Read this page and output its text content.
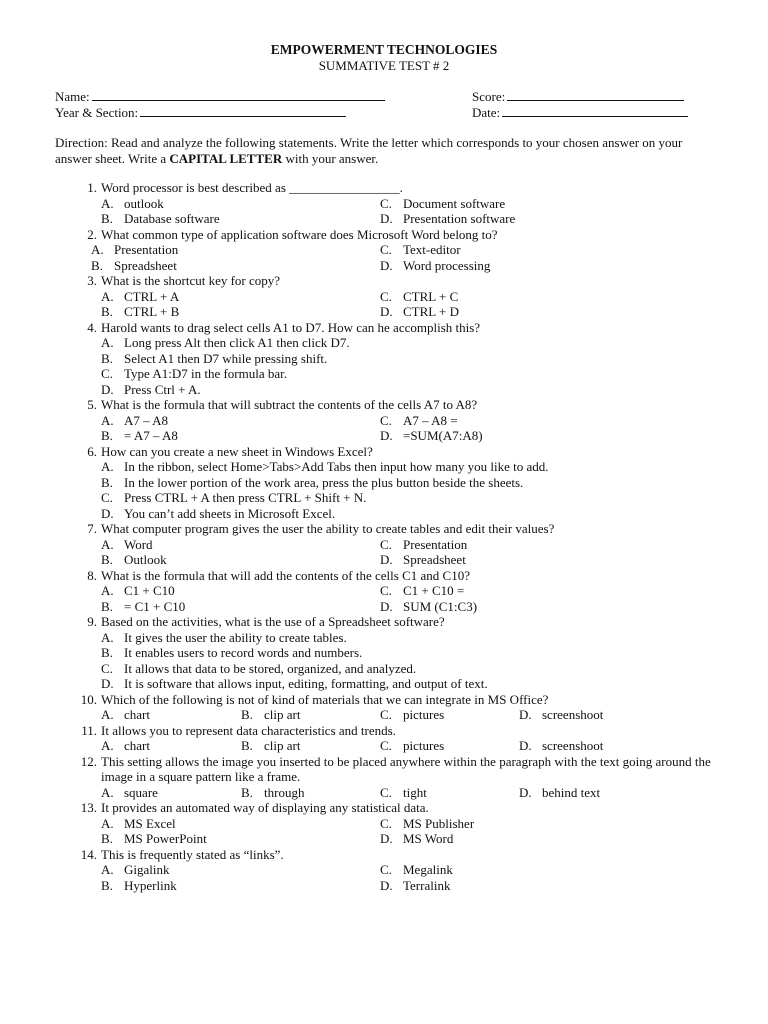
EMPOWERMENT TECHNOLOGIES
SUMMATIVE TEST # 2
Name:	Score:
Year & Section:	Date:
Direction: Read and analyze the following statements. Write the letter which corresponds to your chosen answer on your answer sheet. Write a CAPITAL LETTER with your answer.
1. Word processor is best described as _________________.
A. outlook	C. Document software
B. Database software	D. Presentation software
2. What common type of application software does Microsoft Word belong to?
A. Presentation	C. Text-editor
B. Spreadsheet	D. Word processing
3. What is the shortcut key for copy?
A. CTRL + A	C. CTRL + C
B. CTRL + B	D. CTRL + D
4. Harold wants to drag select cells A1 to D7. How can he accomplish this?
A. Long press Alt then click A1 then click D7.
B. Select A1 then D7 while pressing shift.
C. Type A1:D7 in the formula bar.
D. Press Ctrl + A.
5. What is the formula that will subtract the contents of the cells A7 to A8?
A. A7 – A8	C. A7 – A8 =
B. = A7 – A8	D. =SUM(A7:A8)
6. How can you create a new sheet in Windows Excel?
A. In the ribbon, select Home>Tabs>Add Tabs then input how many you like to add.
B. In the lower portion of the work area, press the plus button beside the sheets.
C. Press CTRL + A then press CTRL + Shift + N.
D. You can’t add sheets in Microsoft Excel.
7. What computer program gives the user the ability to create tables and edit their values?
A. Word	C. Presentation
B. Outlook	D. Spreadsheet
8. What is the formula that will add the contents of the cells C1 and C10?
A. C1 + C10	C. C1 + C10 =
B. = C1 + C10	D. SUM (C1:C3)
9. Based on the activities, what is the use of a Spreadsheet software?
A. It gives the user the ability to create tables.
B. It enables users to record words and numbers.
C. It allows that data to be stored, organized, and analyzed.
D. It is software that allows input, editing, formatting, and output of text.
10. Which of the following is not of kind of materials that we can integrate in MS Office?
A. chart	B. clip art	C. pictures	D. screenshoot
11. It allows you to represent data characteristics and trends.
A. chart	B. clip art	C. pictures	D. screenshoot
12. This setting allows the image you inserted to be placed anywhere within the paragraph with the text going around the image in a square pattern like a frame.
A. square	B. through	C. tight	D. behind text
13. It provides an automated way of displaying any statistical data.
A. MS Excel	C. MS Publisher
B. MS PowerPoint	D. MS Word
14. This is frequently stated as “links”.
A. Gigalink	C. Megalink
B. Hyperlink	D. Terralink
